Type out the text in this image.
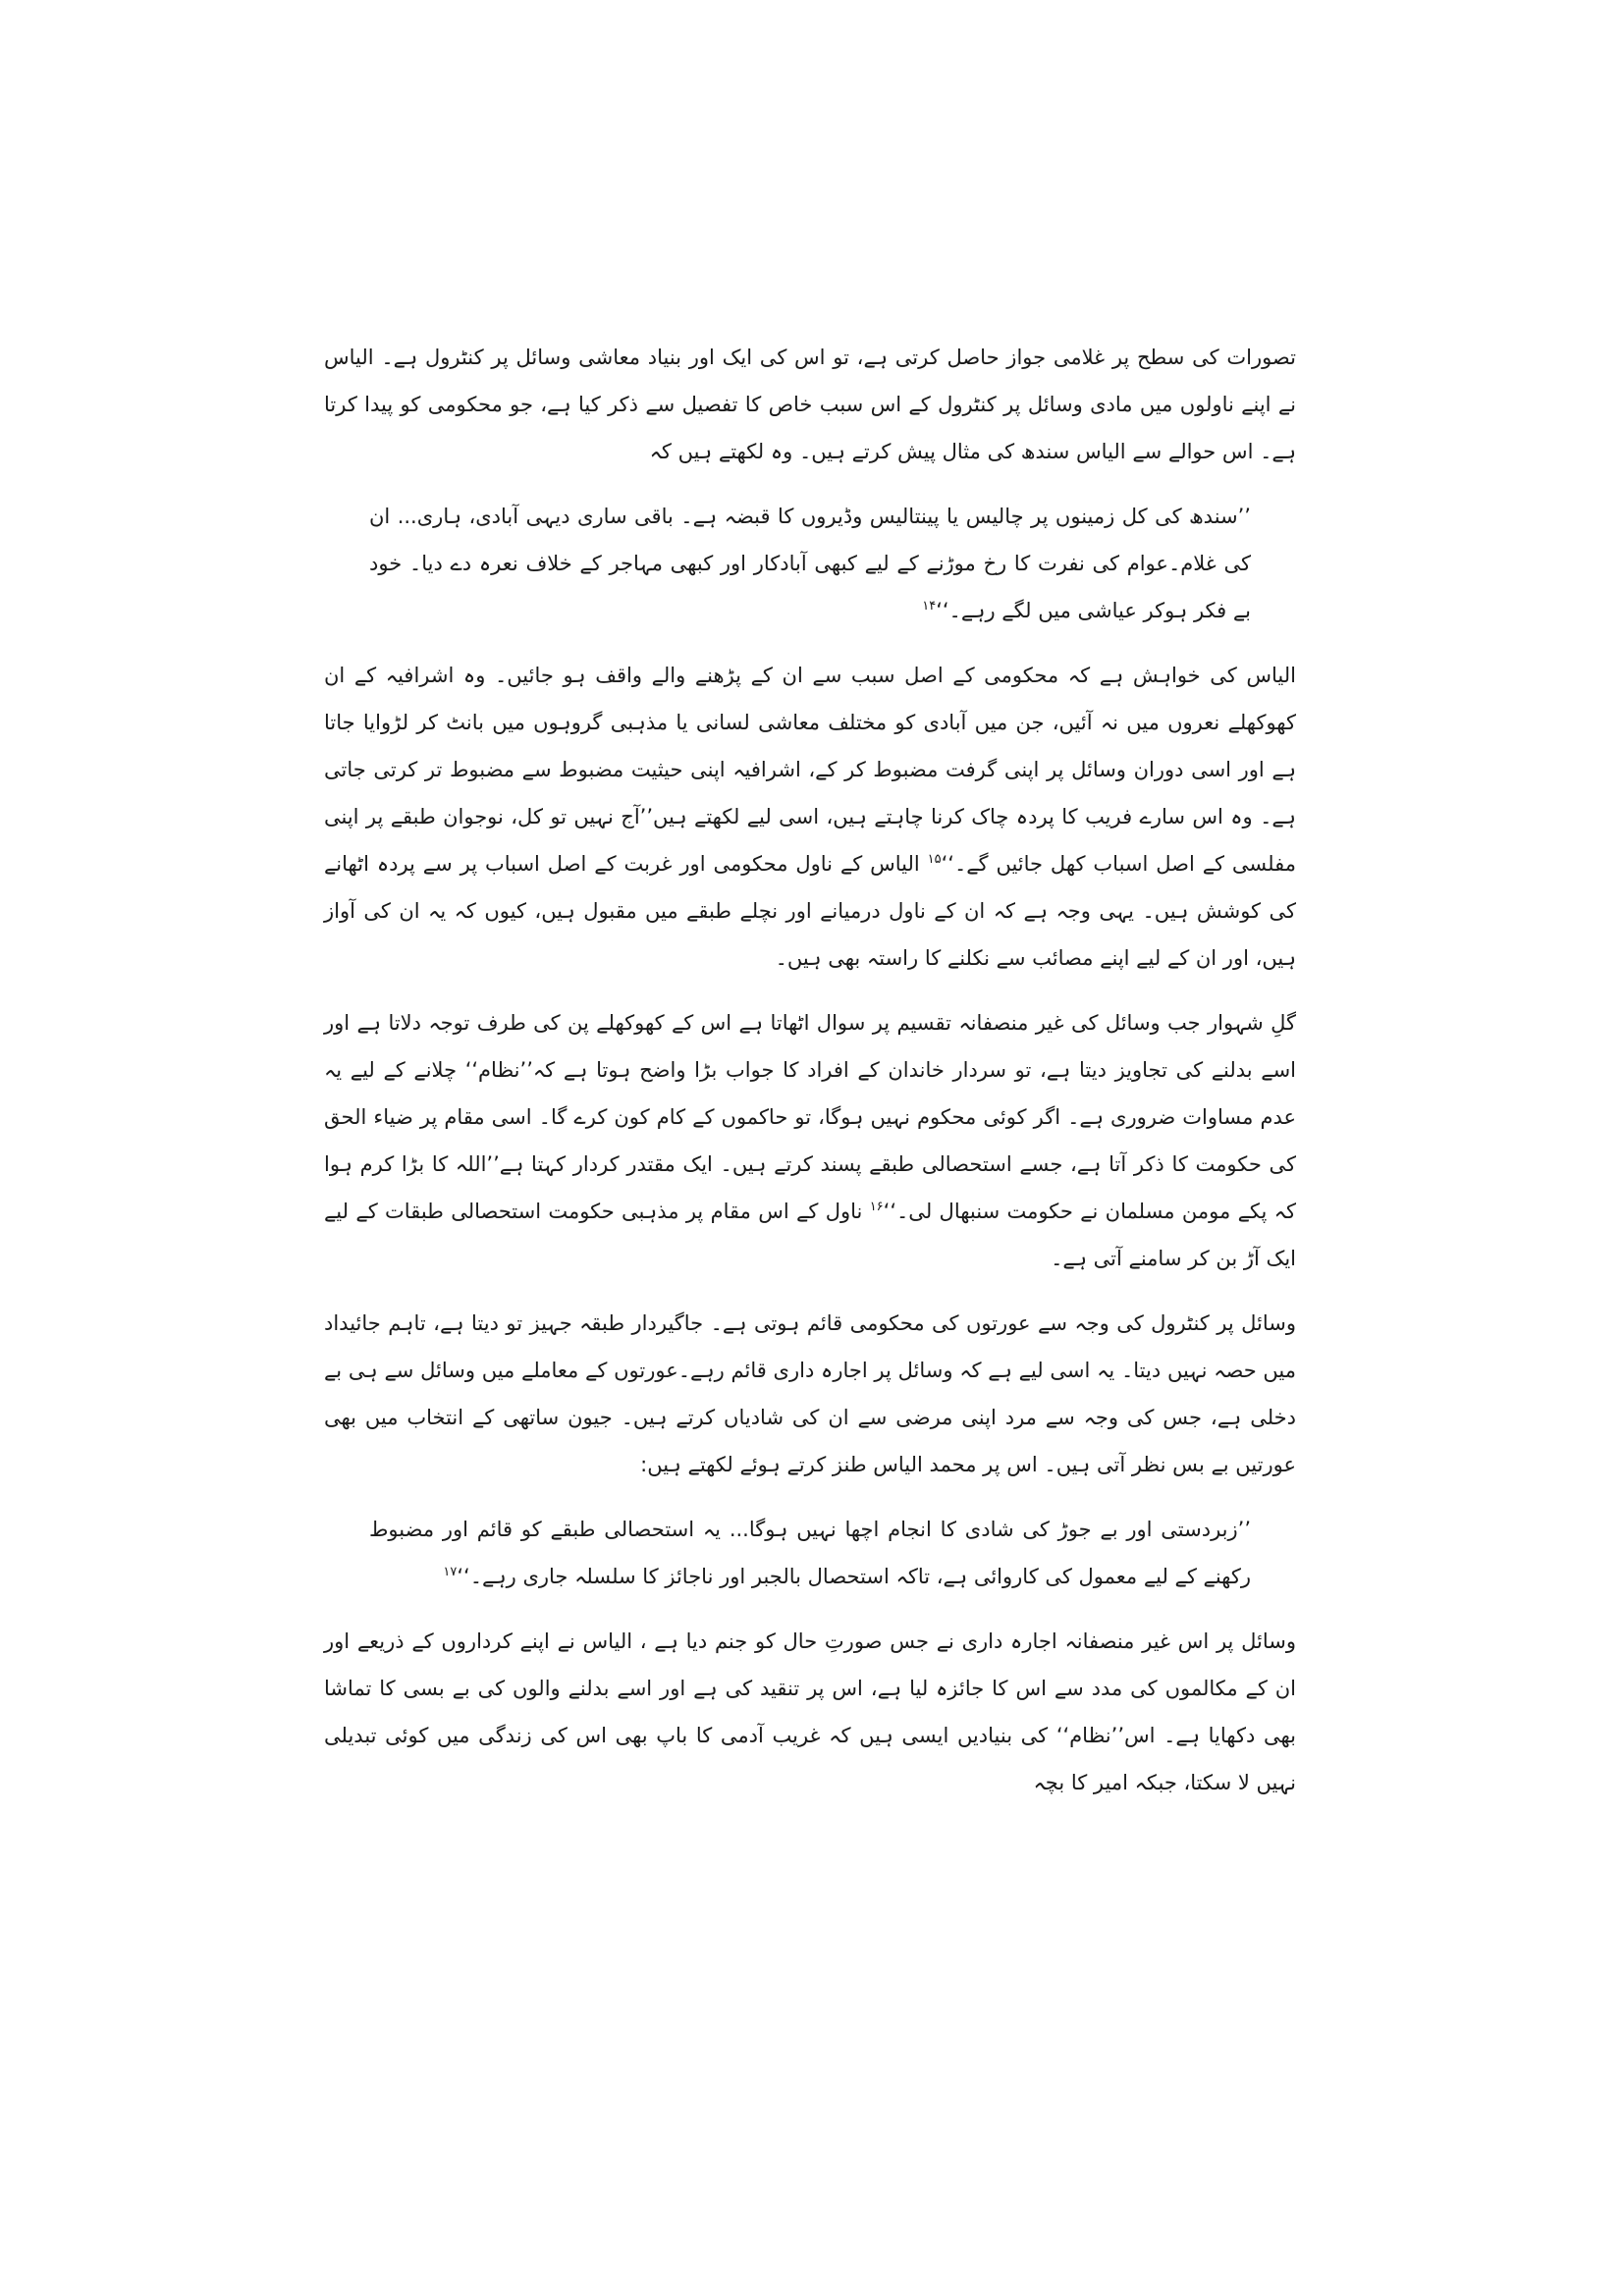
تصورات کی سطح پر غلامی جواز حاصل کرتی ہے، تو اس کی ایک اور بنیاد معاشی وسائل پر کنٹرول ہے۔ الیاس نے اپنے ناولوں میں مادی وسائل پر کنٹرول کے اس سبب خاص کا تفصیل سے ذکر کیا ہے، جو محکومی کو پیدا کرتا ہے۔ اس حوالے سے الیاس سندھ کی مثال پیش کرتے ہیں۔ وہ لکھتے ہیں کہ

’’سندھ کی کل زمینوں پر چالیس یا پینتالیس وڈیروں کا قبضہ ہے۔ باقی ساری دیہی آبادی، ہاری... ان کی غلام۔عوام کی نفرت کا رخ موڑنے کے لیے کبھی آبادکار اور کبھی مہاجر کے خلاف نعرہ دے دیا۔ خود بے فکر ہوکر عیاشی میں لگے رہے۔‘‘$^{۱۴}$

الیاس کی خواہش ہے کہ محکومی کے اصل سبب سے ان کے پڑھنے والے واقف ہو جائیں۔ وہ اشرافیہ کے ان کھوکھلے نعروں میں نہ آئیں، جن میں آبادی کو مختلف معاشی لسانی یا مذہبی گروہوں میں بانٹ کر لڑوایا جاتا ہے اور اسی دوران وسائل پر اپنی گرفت مضبوط کر کے، اشرافیہ اپنی حیثیت مضبوط سے مضبوط تر کرتی جاتی ہے۔ وہ اس سارے فریب کا پردہ چاک کرنا چاہتے ہیں، اسی لیے لکھتے ہیں’’آج نہیں تو کل، نوجوان طبقے پر اپنی مفلسی کے اصل اسباب کھل جائیں گے۔‘‘$^{۱۵}$ الیاس کے ناول محکومی اور غربت کے اصل اسباب پر سے پردہ اٹھانے کی کوشش ہیں۔ یہی وجہ ہے کہ ان کے ناول درمیانے اور نچلے طبقے میں مقبول ہیں، کیوں کہ یہ ان کی آواز ہیں، اور ان کے لیے اپنے مصائب سے نکلنے کا راستہ بھی ہیں۔

گلِ شہوار جب وسائل کی غیر منصفانہ تقسیم پر سوال اٹھاتا ہے اس کے کھوکھلے پن کی طرف توجہ دلاتا ہے اور اسے بدلنے کی تجاویز دیتا ہے، تو سردار خاندان کے افراد کا جواب بڑا واضح ہوتا ہے کہ’’نظام‘‘ چلانے کے لیے یہ عدم مساوات ضروری ہے۔ اگر کوئی محکوم نہیں ہوگا، تو حاکموں کے کام کون کرے گا۔ اسی مقام پر ضیاء الحق کی حکومت کا ذکر آتا ہے، جسے استحصالی طبقے پسند کرتے ہیں۔ ایک مقتدر کردار کہتا ہے’’اللہ کا بڑا کرم ہوا کہ پکے مومن مسلمان نے حکومت سنبھال لی۔‘‘$^{۱۶}$ ناول کے اس مقام پر مذہبی حکومت استحصالی طبقات کے لیے ایک آڑ بن کر سامنے آتی ہے۔

وسائل پر کنٹرول کی وجہ سے عورتوں کی محکومی قائم ہوتی ہے۔ جاگیردار طبقہ جہیز تو دیتا ہے، تاہم جائیداد میں حصہ نہیں دیتا۔ یہ اسی لیے ہے کہ وسائل پر اجارہ داری قائم رہے۔عورتوں کے معاملے میں وسائل سے ہی بے دخلی ہے، جس کی وجہ سے مرد اپنی مرضی سے ان کی شادیاں کرتے ہیں۔ جیون ساتھی کے انتخاب میں بھی عورتیں بے بس نظر آتی ہیں۔ اس پر محمد الیاس طنز کرتے ہوئے لکھتے ہیں:

’’زبردستی اور بے جوڑ کی شادی کا انجام اچھا نہیں ہوگا... یہ استحصالی طبقے کو قائم اور مضبوط رکھنے کے لیے معمول کی کاروائی ہے، تاکہ استحصال بالجبر اور ناجائز کا سلسلہ جاری رہے۔‘‘$^{۱۷}$

وسائل پر اس غیر منصفانہ اجارہ داری نے جس صورتِ حال کو جنم دیا ہے ، الیاس نے اپنے کرداروں کے ذریعے اور ان کے مکالموں کی مدد سے اس کا جائزہ لیا ہے، اس پر تنقید کی ہے اور اسے بدلنے والوں کی بے بسی کا تماشا بھی دکھایا ہے۔ اس’’نظام‘‘ کی بنیادیں ایسی ہیں کہ غریب آدمی کا باپ بھی اس کی زندگی میں کوئی تبدیلی نہیں لا سکتا، جبکہ امیر کا بچہ
